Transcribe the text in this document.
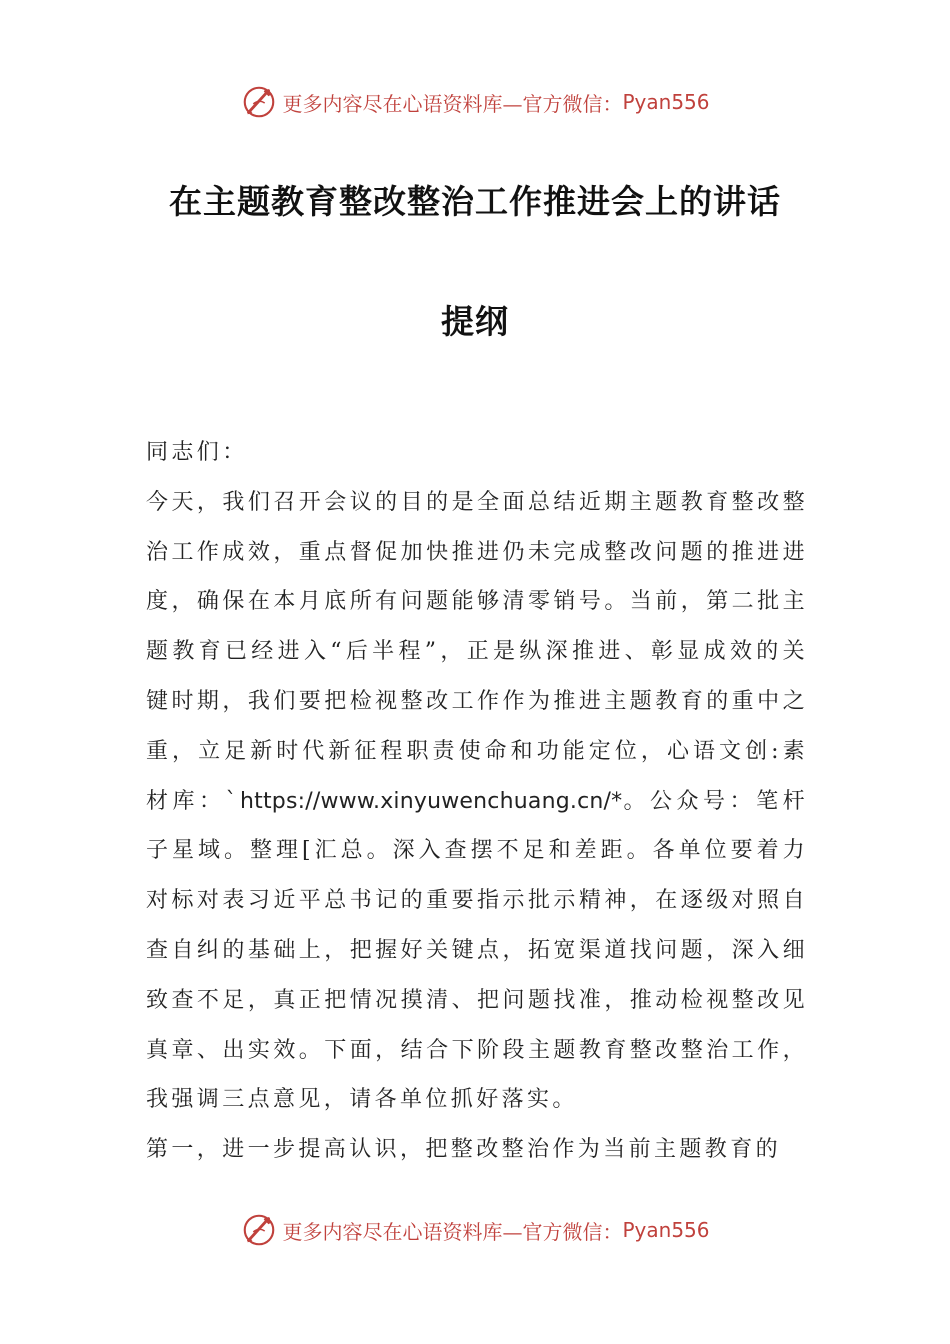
更多内容尽在心语资料库—官方微信： Pyan556
在主题教育整改整治工作推进会上的讲话
提纲

同志们：

今天，我们召开会议的目的是全面总结近期主题教育整改整治工作成效，重点督促加快推进仍未完成整改问题的推进进度，确保在本月底所有问题能够清零销号。当前，第二批主题教育已经进入“后半程”，正是纵深推进、彰显成效的关键时期，我们要把检视整改工作作为推进主题教育的重中之重，立足新时代新征程职责使命和功能定位，心语文创:素材库：`https://www.xinyuwenchuang.cn/*。公众号：笔杆子星域。整理[汇总。深入查摆不足和差距。各单位要着力对标对表习近平总书记的重要指示批示精神，在逐级对照自查自纠的基础上，把握好关键点，拓宽渠道找问题，深入细致查不足，真正把情况摸清、把问题找准，推动检视整改见真章、出实效。下面，结合下阶段主题教育整改整治工作，我强调三点意见，请各单位抓好落实。

第一，进一步提高认识，把整改整治作为当前主题教育的

更多内容尽在心语资料库—官方微信： Pyan556
